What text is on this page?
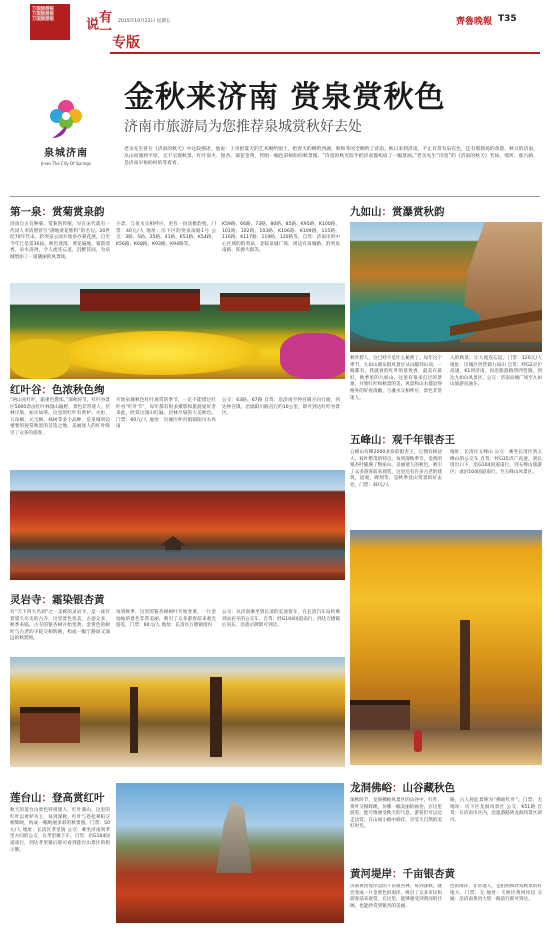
万国旅游报
万国旅游报
万国旅游报	有一说
专版
2015年10月23日 星期五	齊魯晚報 T35
泉城济南
Jinan The City Of Springs
金秋来济南 赏泉赏秋色
济南市旅游局为您推荐泉城赏秋好去处
老舍先生曾在《济南的秋天》中这段描述，他说：上帝把夏天的艺术赐给瑞士，把春天的赐给西湖，秋和冬的全赐给了济南。秋日来到济南，不止有赏有泉有色，还有那悠扬的余韵。秋日的济南，从山而城到平原，无不呈现秋景，红叶似火、银杏、菊花金黄，传唱一幅色彩缤纷的秋景图。“诗意的秋光似乎把济南都构成了一幅景画。”老舍先生“诗意”的《济南的秋天》若如，那所，那古路，是济南早协助时的等着看。
第一泉：赏菊赏泉韵
济南自古有种菊、赏菊的传统，早在宋代就有一代词人李清照曾写“满地黄花堆积”的名句。20世纪70年代末，趵突泉公园开始举办菊花展，自至今年已是第36届。秋色迷漫，黄花遍地，菊韵清香，泉水清冽，令人流连忘返，沉醉其间，为泉城增添了一道靓丽的风景线。
小景，与泉水交相呼应，更有一份清雅韵致。门票：40元/人 地址：历下区趵突泉南路1号 公交：3路、5路、25路、41路、K51路、K54路、K56路、K68路、K93路、K94路等。
K59路、66路、73路、80路、85路、K95路、K100路、101路、102路、103路、K106路、K109路、115路、116路、K117路、119路、120路等。自驾：济南市的中心区域的趵突泉，北临泉城广场，周边有泉城路、趵突泉南路、泺源大街等。
九如山：赏瀑赏秋韵
秋叶碧人，这已经不是什么秘密了。每年这个季节，九如山瀑布群风景区从山脚到山顶，一路都有，我就看的红叶的景致香，最美在最好，秋季里的九如山，这里有很多打过的景象，开始红叶和秋景的美，风景和山水都显得格外的好看清幽，与溪水交相呼应，景色非常迷人。
入的秋景，让人流连忘返。门票：120元/人 地址：历城区西营镇九如山 自驾：经G2京沪高速，K1到济南，再沿旅游路到西营镇，到达九如山风景区。公交：济南泉城广场至九如山旅游直通车。
红叶谷：色浓秋色绚
“两山夹红叶，霜重色愈浓。”深秋时节，红叶谷景区5000余亩红叶林漫山遍野，景色非常迷人，层林尽染，如火如荼。这里的红叶有黄栌、火炬、五角枫、元宝枫、柿树等多个品种，是泉城周边重要的观赏秋景的首选之地，美丽迷人的红叶吸引了众多的游客。
开始泉城秋色红叶观赏的季节，一定不能错过红叶谷“红叶节”，每年都有很多摄影和旅游爱好者来此，欣赏这漫山红遍、层林尽染的大美秋色。门票：60元/人 地址：历城区仲宫镇锦阳川水库南
公交：63路、67路 自驾：沿济南至仲宫镇方向行驶，到达仲宫镇，沿锦阳川路直行约10公里，即可到达红叶谷景区。
五峰山：观千年银杏王
五峰山有棵2000多岁的银杏王，它拥有树冠大、枝叶繁茂的特点，每到深秋季节，金黄的银杏叶铺满了整座山，美丽迷人的秋色，吸引了众多游客前来观赏，这里还有许多古老的建筑，道观，碑刻等，是秋季登山赏景的好去处，门票：40元/人
地址：长清区五峰山 公交：乘坐长清区到五峰山的公交车 自驾：经G35济广高速，到长清出口下，沿G104国道南行，到五峰山旅游区；或沿104国道南行，至五峰山风景区。
灵岩寺：霜染银杏黄
有“天下四大名刹”之一美称的灵岩寺，是一座有着悠久历史的古寺，这里景色优美，古迹众多，秋季来临，古寺的银杏树开始变黄，金黄色的树叶与古老的寺院交相辉映，构成一幅宁静而又深远的秋景图。
每到秋季，这里的银杏树树叶开始变黄，一片金灿灿的景色非常美丽，吸引了众多游客前来观光游览，门票：60元/人 地址：长清区万德镇境内
公交：从济南乘坐到长清的长途客车，在长清汽车站转乘到灵岩寺的公交车。自驾：经G104国道南行，到达万德镇后向东，沿指示牌即可到达。
龙洞佛峪：山谷藏秋色
深秋时节，龙洞佛峪风景区的山谷中，红叶、黄叶交相辉映，仿佛一幅美丽的画卷，在这里游览，能尽情感受秋天的气息，游客们可以边走边赏，在山间小路中徜徉，享受大自然的美好时光。
路，古人将此景称为“佛峪红叶”。门票：无 地址：历下区龙洞风景区 公交：K51路 自驾：在济南市区内，沿旅游路到龙洞风景区即可。
莲台山：登高赏红叶
秋天的莲台山景色特别迷人，红叶满山，这里的红叶以黄栌为主，每到深秋，红叶与苍松翠柏交相辉映，构成一幅绚丽多彩的秋景图。门票：50元/人 地址：长清区孝里镇 公交：乘坐济南到孝里方向的公交，在孝里镇下车。自驾：沿G104国道南行，到达孝里镇后即可看到莲台山景区的指示牌。
黄河堤岸：千亩银杏黄
济南黄河堤岸边的千亩银杏林，每到深秋，就会变成一片金黄色的海洋，吸引了众多市民和游客前来观赏，在这里，能够感受到黄河的壮阔，也能欣赏到银杏的美丽。
色的海洋，非常迷人，是拍照和欣赏秋景的好地方。门票：无 地址：天桥区黄河岸边 交通：沿济南黄河大堤一路前行即可到达。
